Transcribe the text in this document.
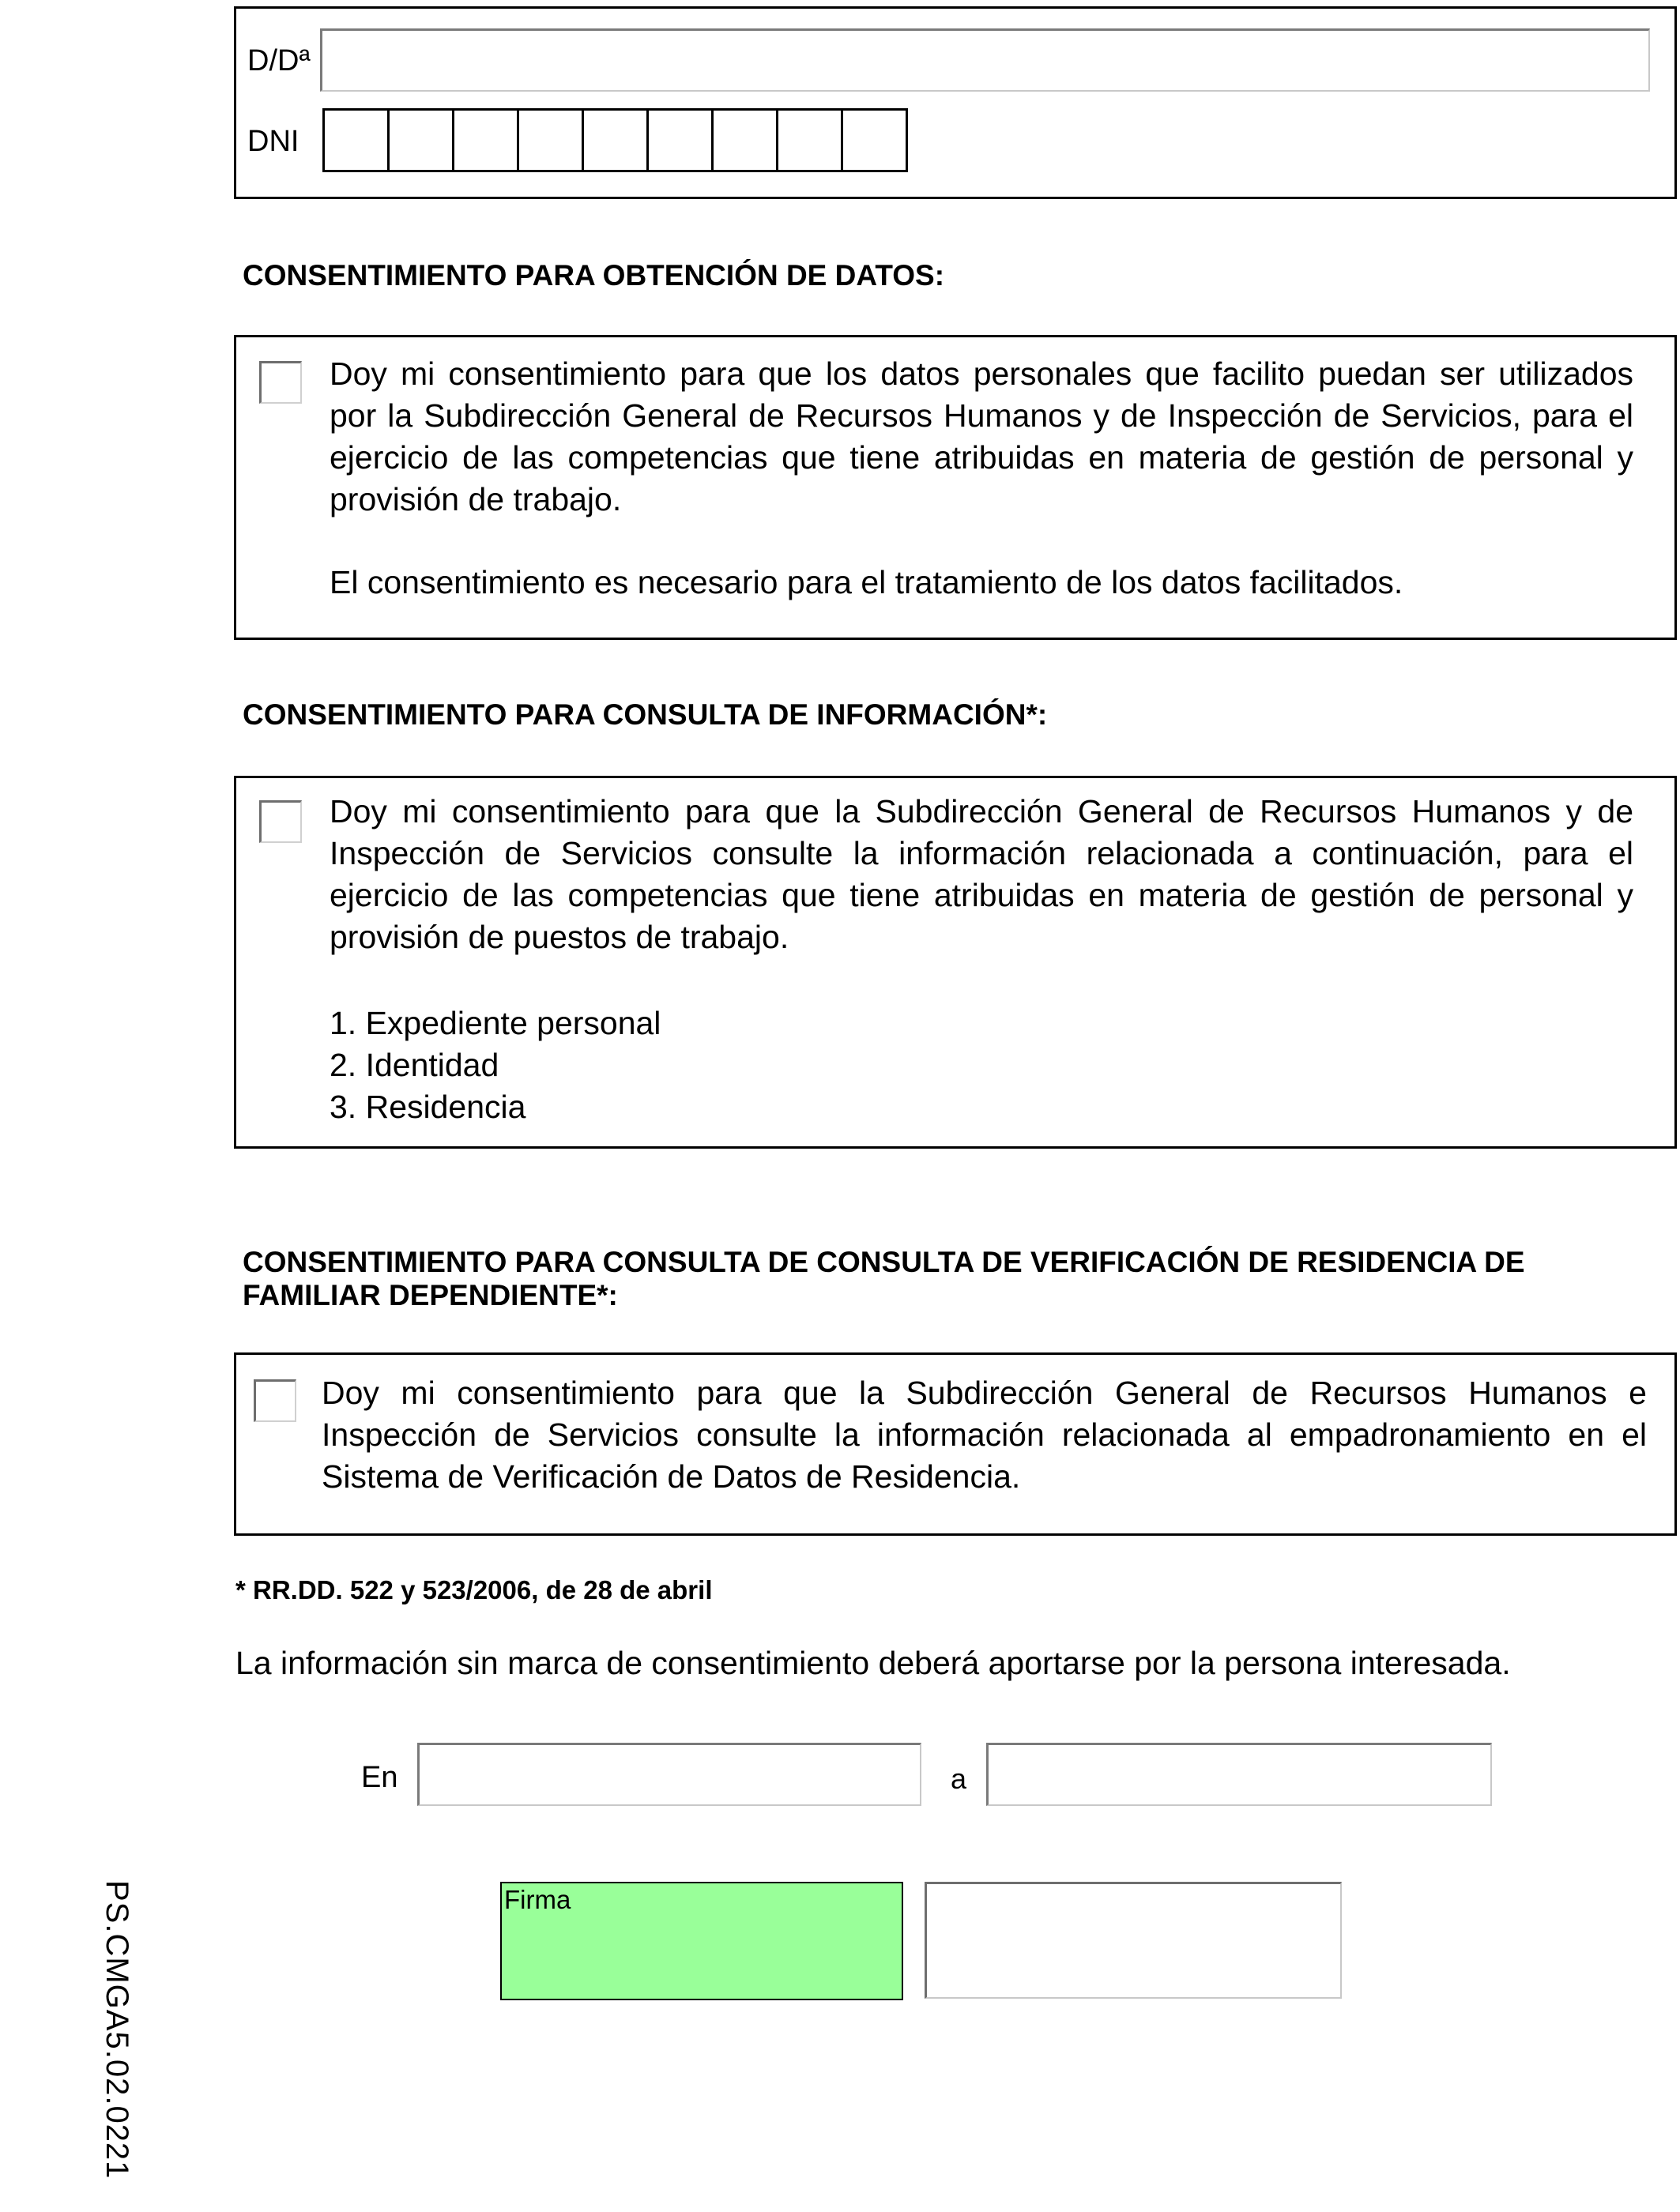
D/Dª
DNI
CONSENTIMIENTO PARA OBTENCIÓN DE DATOS:

Doy mi consentimiento para que los datos personales que facilito puedan ser utilizados por la Subdirección General de Recursos Humanos y de Inspección de Servicios, para el ejercicio de las competencias que tiene atribuidas en materia de gestión de personal y provisión de trabajo.

El consentimiento es necesario para el tratamiento de los datos facilitados.

CONSENTIMIENTO PARA CONSULTA DE INFORMACIÓN*:

Doy mi consentimiento para que la Subdirección General de Recursos Humanos y de Inspección de Servicios consulte la información relacionada a continuación, para el ejercicio de las competencias que tiene atribuidas en materia de gestión de personal y provisión de puestos de trabajo.

1. Expediente personal
2. Identidad
3. Residencia
CONSENTIMIENTO PARA CONSULTA DE CONSULTA DE VERIFICACIÓN DE RESIDENCIA DE FAMILIAR DEPENDIENTE*:

Doy mi consentimiento para que la Subdirección General de Recursos Humanos e Inspección de Servicios consulte la información relacionada al empadronamiento en el Sistema de Verificación de Datos de Residencia.

* RR.DD. 522 y 523/2006, de 28 de abril
La información sin marca de consentimiento deberá aportarse por la persona interesada.
En	a
Firma
PS.CMGA5.02.0221
